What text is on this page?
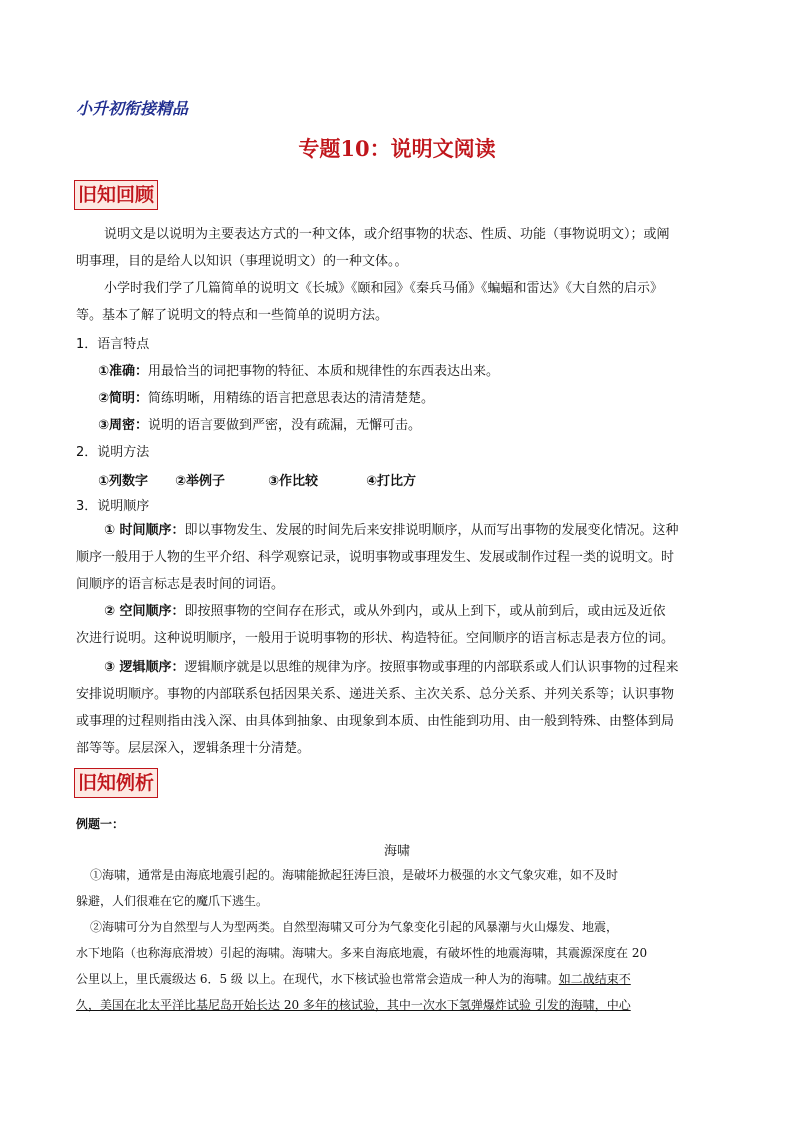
小升初衔接精品
专题10：说明文阅读
旧知回顾
说明文是以说明为主要表达方式的一种文体，或介绍事物的状态、性质、功能（事物说明文）；或阐
明事理，目的是给人以知识（事理说明文）的一种文体。。
小学时我们学了几篇简单的说明文《长城》《颐和园》《秦兵马俑》《蝙蝠和雷达》《大自然的启示》
等。基本了解了说明文的特点和一些简单的说明方法。
1．语言特点
①准确：用最恰当的词把事物的特征、本质和规律性的东西表达出来。
②简明：简练明晰，用精练的语言把意思表达的清清楚楚。
③周密：说明的语言要做到严密，没有疏漏，无懈可击。
2．说明方法
①列数字 ②举例子	③作比较	④打比方
3．说明顺序
① 时间顺序：即以事物发生、发展的时间先后来安排说明顺序，从而写出事物的发展变化情况。这种
顺序一般用于人物的生平介绍、科学观察记录，说明事物或事理发生、发展或制作过程一类的说明文。时
间顺序的语言标志是表时间的词语。
② 空间顺序：即按照事物的空间存在形式，或从外到内，或从上到下，或从前到后，或由远及近依
次进行说明。这种说明顺序，一般用于说明事物的形状、构造特征。空间顺序的语言标志是表方位的词。
③ 逻辑顺序：逻辑顺序就是以思维的规律为序。按照事物或事理的内部联系或人们认识事物的过程来
安排说明顺序。事物的内部联系包括因果关系、递进关系、主次关系、总分关系、并列关系等；认识事物
或事理的过程则指由浅入深、由具体到抽象、由现象到本质、由性能到功用、由一般到特殊、由整体到局
部等等。层层深入，逻辑条理十分清楚。
旧知例析
例题一：
海啸
①海啸，通常是由海底地震引起的。海啸能掀起狂涛巨浪，是破坏力极强的水文气象灾难，如不及时
躲避，人们很难在它的魔爪下逃生。
②海啸可分为自然型与人为型两类。自然型海啸又可分为气象变化引起的风暴潮与火山爆发、地震，
水下地陷（也称海底滑坡）引起的海啸。海啸大。多来自海底地震，有破坏性的地震海啸，其震源深度在 20
公里以上，里氏震级达 6．5 级 以上。在现代，水下核试验也常常会造成一种人为的海啸。如二战结束不
久，美国在北太平洋比基尼岛开始长达 20 多年的核试验，其中一次水下氢弹爆炸试验 引发的海啸，中心
